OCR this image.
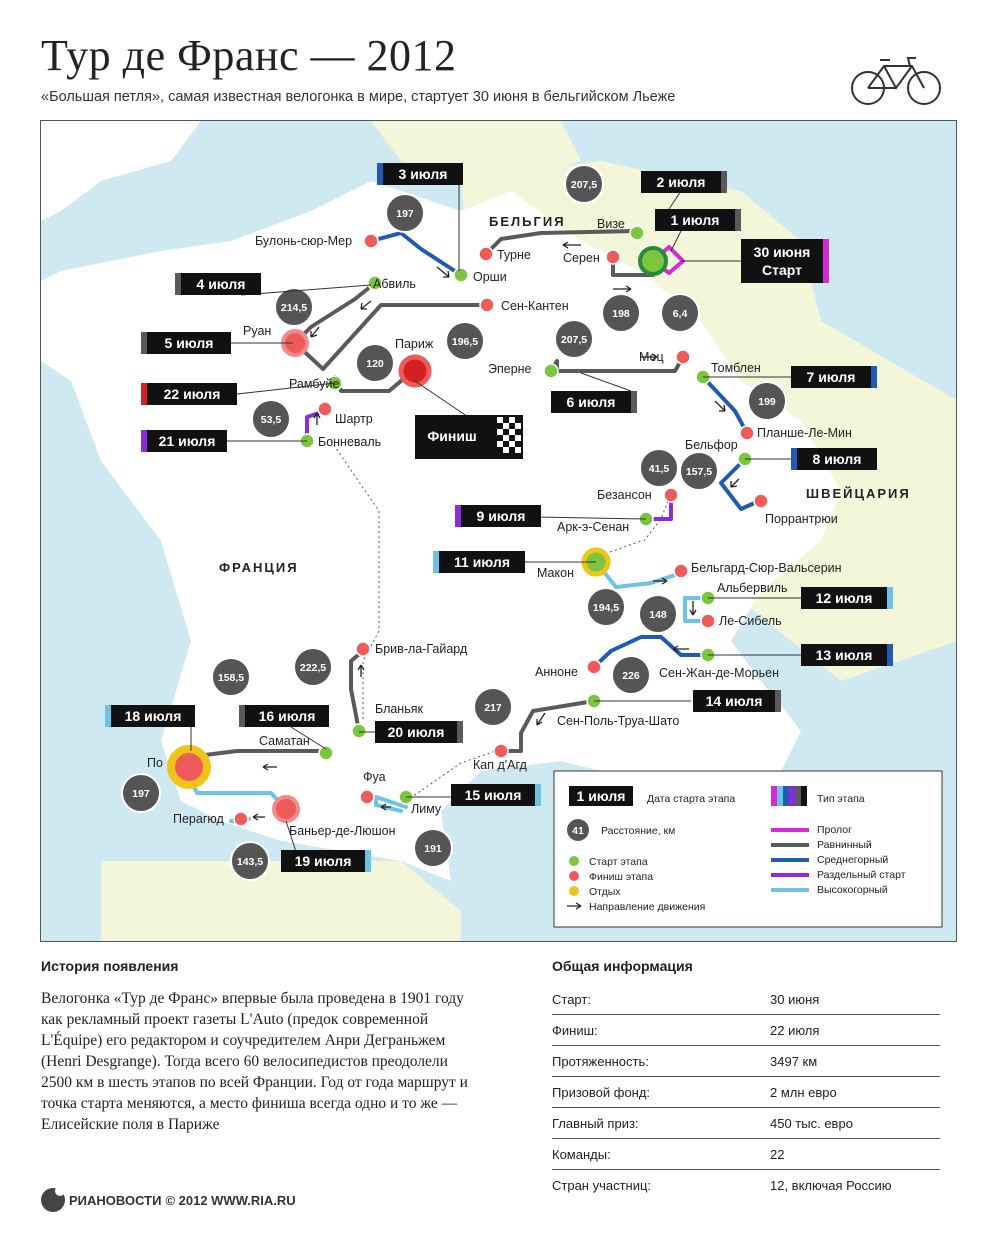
Тур де Франс — 2012
«Большая петля», самая известная велогонка в мире, стартует 30 июня в бельгийском Льеже
ФРАНЦИЯ
БЕЛЬГИЯ
ШВЕЙЦАРИЯ
197
207,5
198	6,4
214,5
196,5
120
53,5
207,5
199
41,5 157,5
194,5
148
226
217
222,5
158,5
197
143,5
191
Булонь-сюр-Мер
Абвиль	Орши
Турне
Визе
Серен
Сен-Кантен
Руан
Париж
Рамбуйе
Шартр
Бонневаль
Эперне
Мец
Томблен
Планше-Ле-Мин
Бельфор
Безансон
Поррантрюи
Арк-э-Сенан
Макон	Бельгард-Сюр-Вальсерин
Альбервиль
Ле-Сибель
Анноне	Сен-Жан-де-Морьен
Сен-Поль-Труа-Шато
Кап д'Агд
Лиму
Фуа
Бланьяк
Брив-ла-Гайард
Саматан
По
Перагюд
Баньер-де-Люшон
3 июля	2 июля
1 июля
30 июня
Старт
4 июля
5 июля
22 июля
21 июля	Финиш
6 июля
7 июля
8 июля
9 июля
11 июля
12 июля
13 июля
14 июля
18 июля	16 июля
20 июля
15 июля
19 июля
1 июля Дата старта этапа	Тип этапа
41 Расстояние, км
Старт этапа
Финиш этапа
Отдых
Направление движения
Пролог
Равнинный
Среднегорный
Раздельный старт
Высокогорный
История появления
Велогонка «Тур де Франс» впервые была проведена в 1901 году как рекламный проект газеты L'Auto (предок современной L'Équipe) его редактором и соучредителем Анри Деграньжем (Henri Desgrange). Тогда всего 60 велосипедистов преодолели 2500 км в шесть этапов по всей Франции. Год от года маршрут и точка старта меняются, а место финиша всегда одно и то же — Елисейские поля в Париже
Общая информация
Старт:	30 июня
Финиш:	22 июля
Протяженность:	3497 км
Призовой фонд:	2 млн евро
Главный приз:	450 тыс. евро
Команды:	22
Стран участниц:	12, включая Россию
РИАНОВОСТИ © 2012 WWW.RIA.RU
